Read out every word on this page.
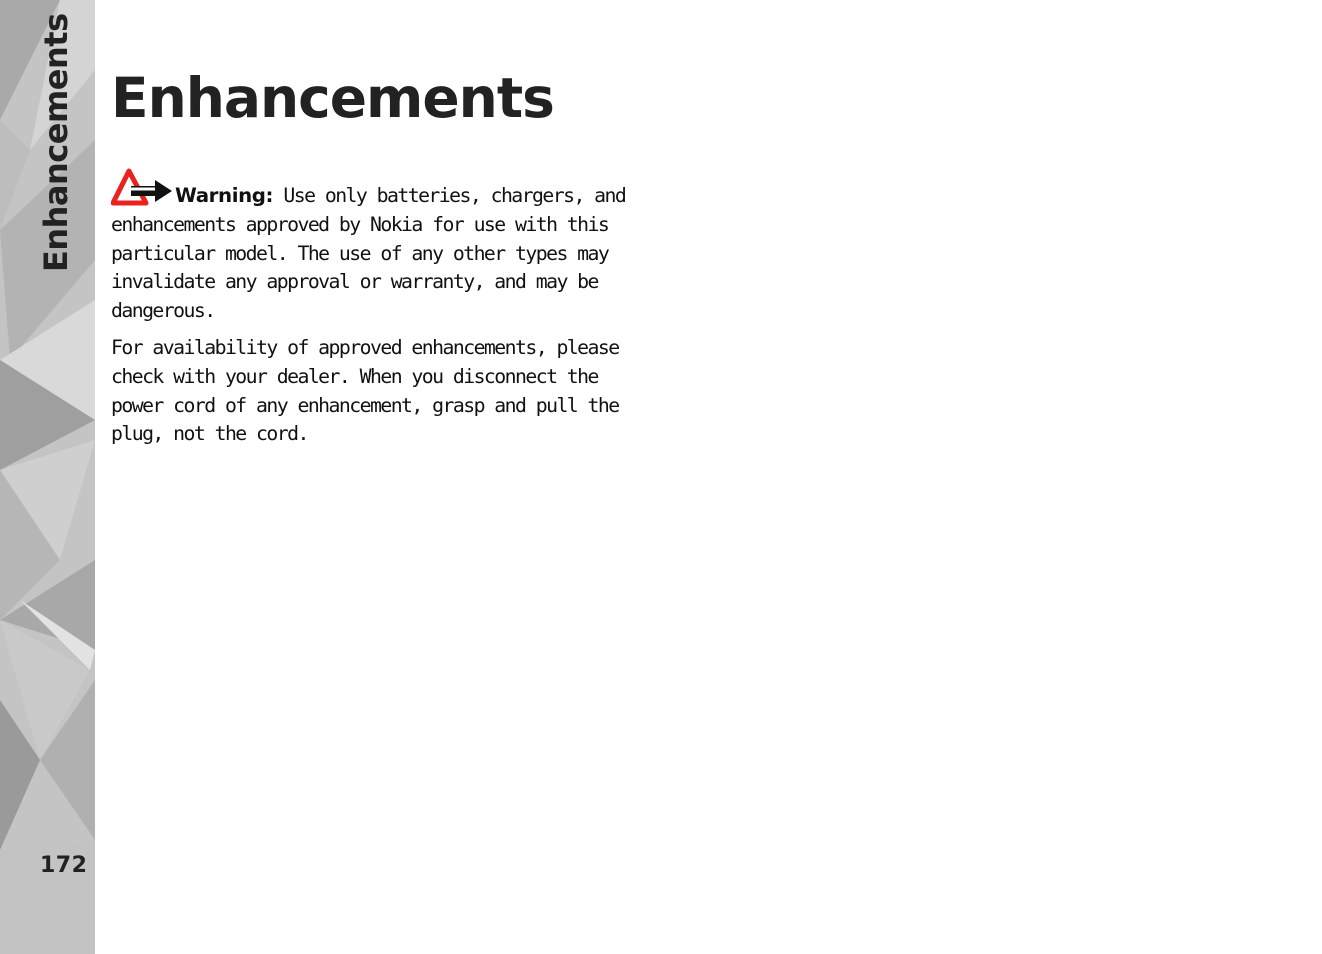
Enhancements
172
Enhancements

Warning: Use only batteries, chargers, and enhancements approved by Nokia for use with this particular model. The use of any other types may invalidate any approval or warranty, and may be dangerous.

For availability of approved enhancements, please check with your dealer. When you disconnect the power cord of any enhancement, grasp and pull the plug, not the cord.
